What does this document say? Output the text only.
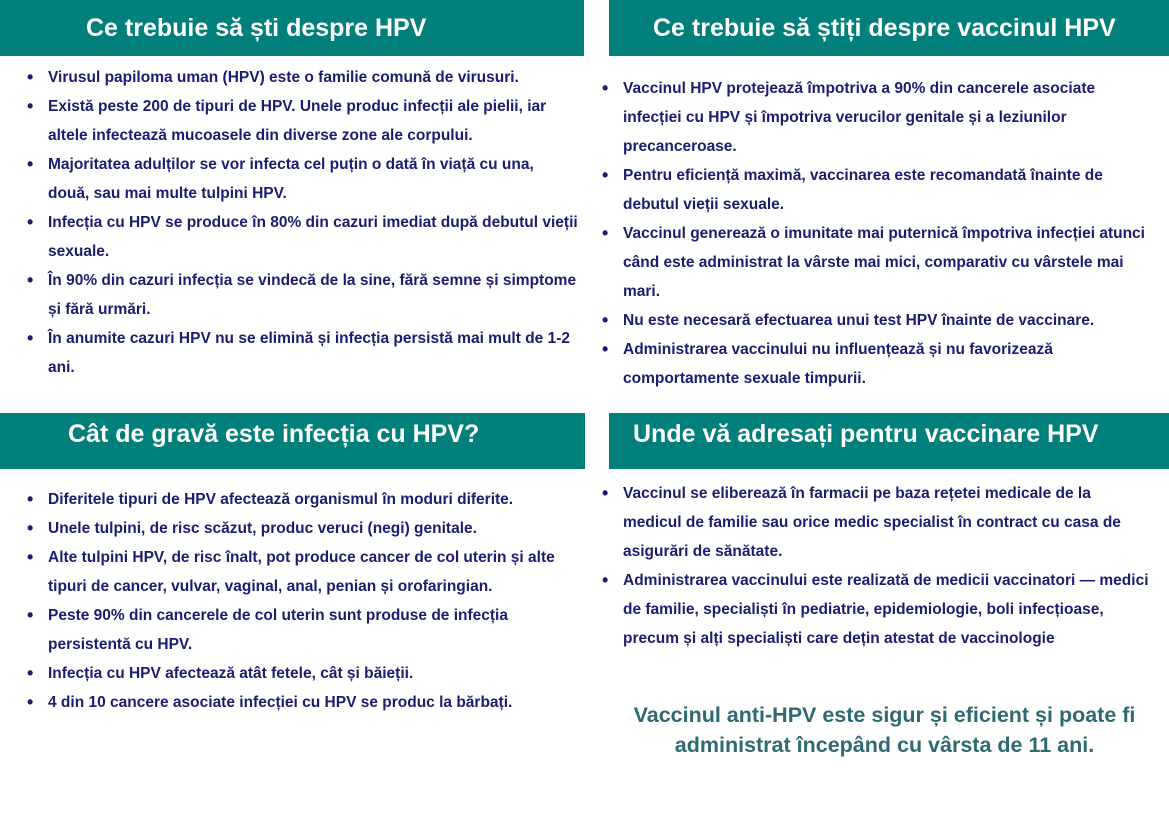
Ce trebuie să ști despre HPV
• Virusul papiloma uman (HPV) este o familie comună de virusuri.
• Există peste 200 de tipuri de HPV. Unele produc infecții ale pielii, iar altele infectează mucoasele din diverse zone ale corpului.
• Majoritatea adulților se vor infecta cel puțin o dată în viață cu una, două, sau mai multe tulpini HPV.
• Infecția cu HPV se produce în 80% din cazuri imediat după debutul vieții sexuale.
• În 90% din cazuri infecția se vindecă de la sine, fără semne și simptome și fără urmări.
• În anumite cazuri HPV nu se elimină și infecția persistă mai mult de 1-2 ani.
Ce trebuie să știți despre vaccinul HPV
• Vaccinul HPV protejează împotriva a 90% din cancerele asociate infecției cu HPV și împotriva verucilor genitale și a leziunilor precanceroase.
• Pentru eficiență maximă, vaccinarea este recomandată înainte de debutul vieții sexuale.
• Vaccinul generează o imunitate mai puternică împotriva infecției atunci când este administrat la vârste mai mici, comparativ cu vârstele mai mari.
• Nu este necesară efectuarea unui test HPV înainte de vaccinare.
• Administrarea vaccinului nu influențează și nu favorizează comportamente sexuale timpurii.
Cât de gravă este infecția cu HPV?
• Diferitele tipuri de HPV afectează organismul în moduri diferite.
• Unele tulpini, de risc scăzut, produc veruci (negi) genitale.
• Alte tulpini HPV, de risc înalt, pot produce cancer de col uterin și alte tipuri de cancer, vulvar, vaginal, anal, penian și orofaringian.
• Peste 90% din cancerele de col uterin sunt produse de infecția persistentă cu HPV.
• Infecția cu HPV afectează atât fetele, cât și băieții.
• 4 din 10 cancere asociate infecției cu HPV se produc la bărbați.
Unde vă adresați pentru vaccinare HPV
• Vaccinul se eliberează în farmacii pe baza rețetei medicale de la medicul de familie sau orice medic specialist în contract cu casa de asigurări de sănătate.
• Administrarea vaccinului este realizată de medicii vaccinatori — medici de familie, specialiști în pediatrie, epidemiologie, boli infecțioase, precum și alți specialiști care dețin atestat de vaccinologie
Vaccinul anti-HPV este sigur și eficient și poate fi administrat începând cu vârsta de 11 ani.
